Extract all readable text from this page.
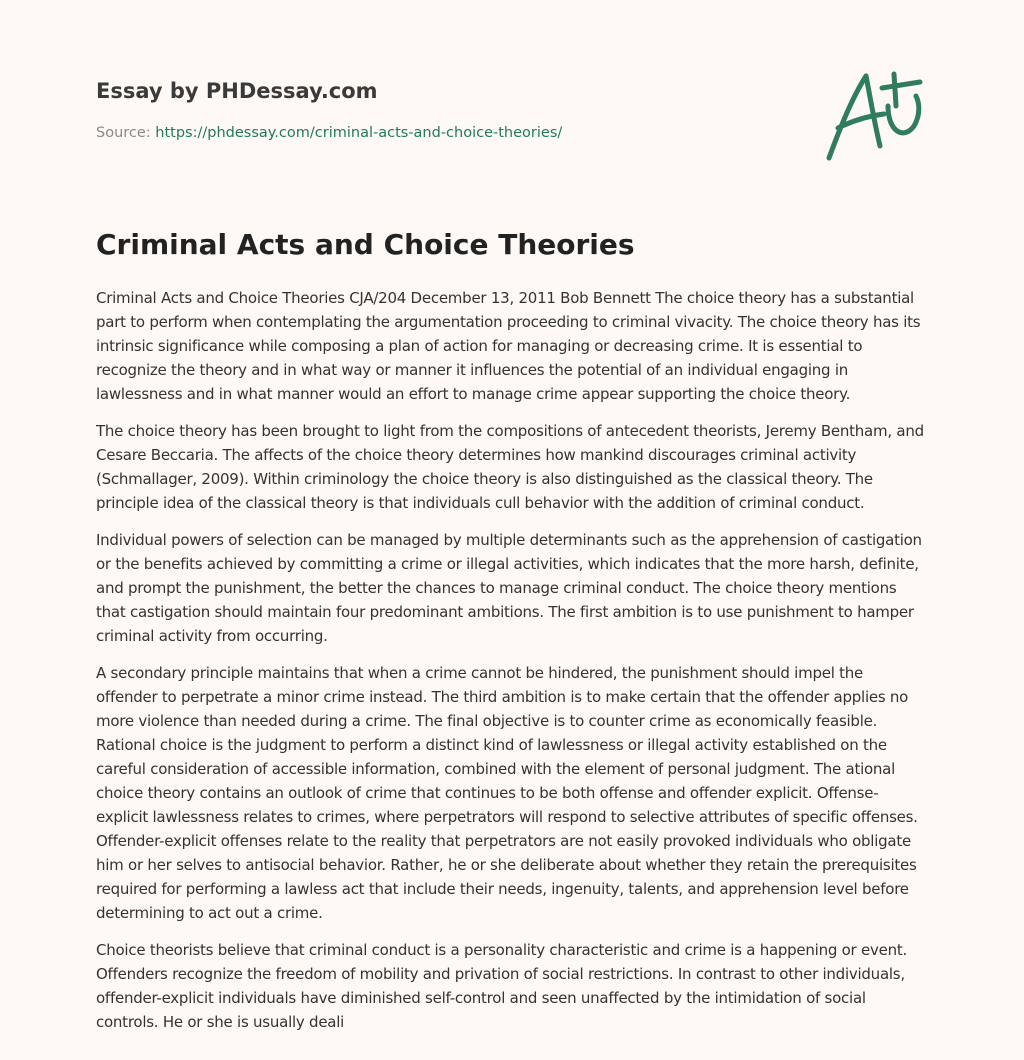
Essay by PHDessay.com
Source: https://phdessay.com/criminal-acts-and-choice-theories/
Criminal Acts and Choice Theories

Criminal Acts and Choice Theories CJA/204 December 13, 2011 Bob Bennett The choice theory has a substantial part to perform when contemplating the argumentation proceeding to criminal vivacity. The choice theory has its intrinsic significance while composing a plan of action for managing or decreasing crime. It is essential to recognize the theory and in what way or manner it influences the potential of an individual engaging in lawlessness and in what manner would an effort to manage crime appear supporting the choice theory.

The choice theory has been brought to light from the compositions of antecedent theorists, Jeremy Bentham, and Cesare Beccaria. The affects of the choice theory determines how mankind discourages criminal activity (Schmallager, 2009). Within criminology the choice theory is also distinguished as the classical theory. The principle idea of the classical theory is that individuals cull behavior with the addition of criminal conduct.

Individual powers of selection can be managed by multiple determinants such as the apprehension of castigation or the benefits achieved by committing a crime or illegal activities, which indicates that the more harsh, definite, and prompt the punishment, the better the chances to manage criminal conduct. The choice theory mentions that castigation should maintain four predominant ambitions. The first ambition is to use punishment to hamper criminal activity from occurring.

A secondary principle maintains that when a crime cannot be hindered, the punishment should impel the offender to perpetrate a minor crime instead. The third ambition is to make certain that the offender applies no more violence than needed during a crime. The final objective is to counter crime as economically feasible. Rational choice is the judgment to perform a distinct kind of lawlessness or illegal activity established on the careful consideration of accessible information, combined with the element of personal judgment. The ational choice theory contains an outlook of crime that continues to be both offense and offender explicit. Offense-explicit lawlessness relates to crimes, where perpetrators will respond to selective attributes of specific offenses. Offender-explicit offenses relate to the reality that perpetrators are not easily provoked individuals who obligate him or her selves to antisocial behavior. Rather, he or she deliberate about whether they retain the prerequisites required for performing a lawless act that include their needs, ingenuity, talents, and apprehension level before determining to act out a crime.

Choice theorists believe that criminal conduct is a personality characteristic and crime is a happening or event. Offenders recognize the freedom of mobility and privation of social restrictions. In contrast to other individuals, offender-explicit individuals have diminished self-control and seen unaffected by the intimidation of social controls. He or she is usually deali
